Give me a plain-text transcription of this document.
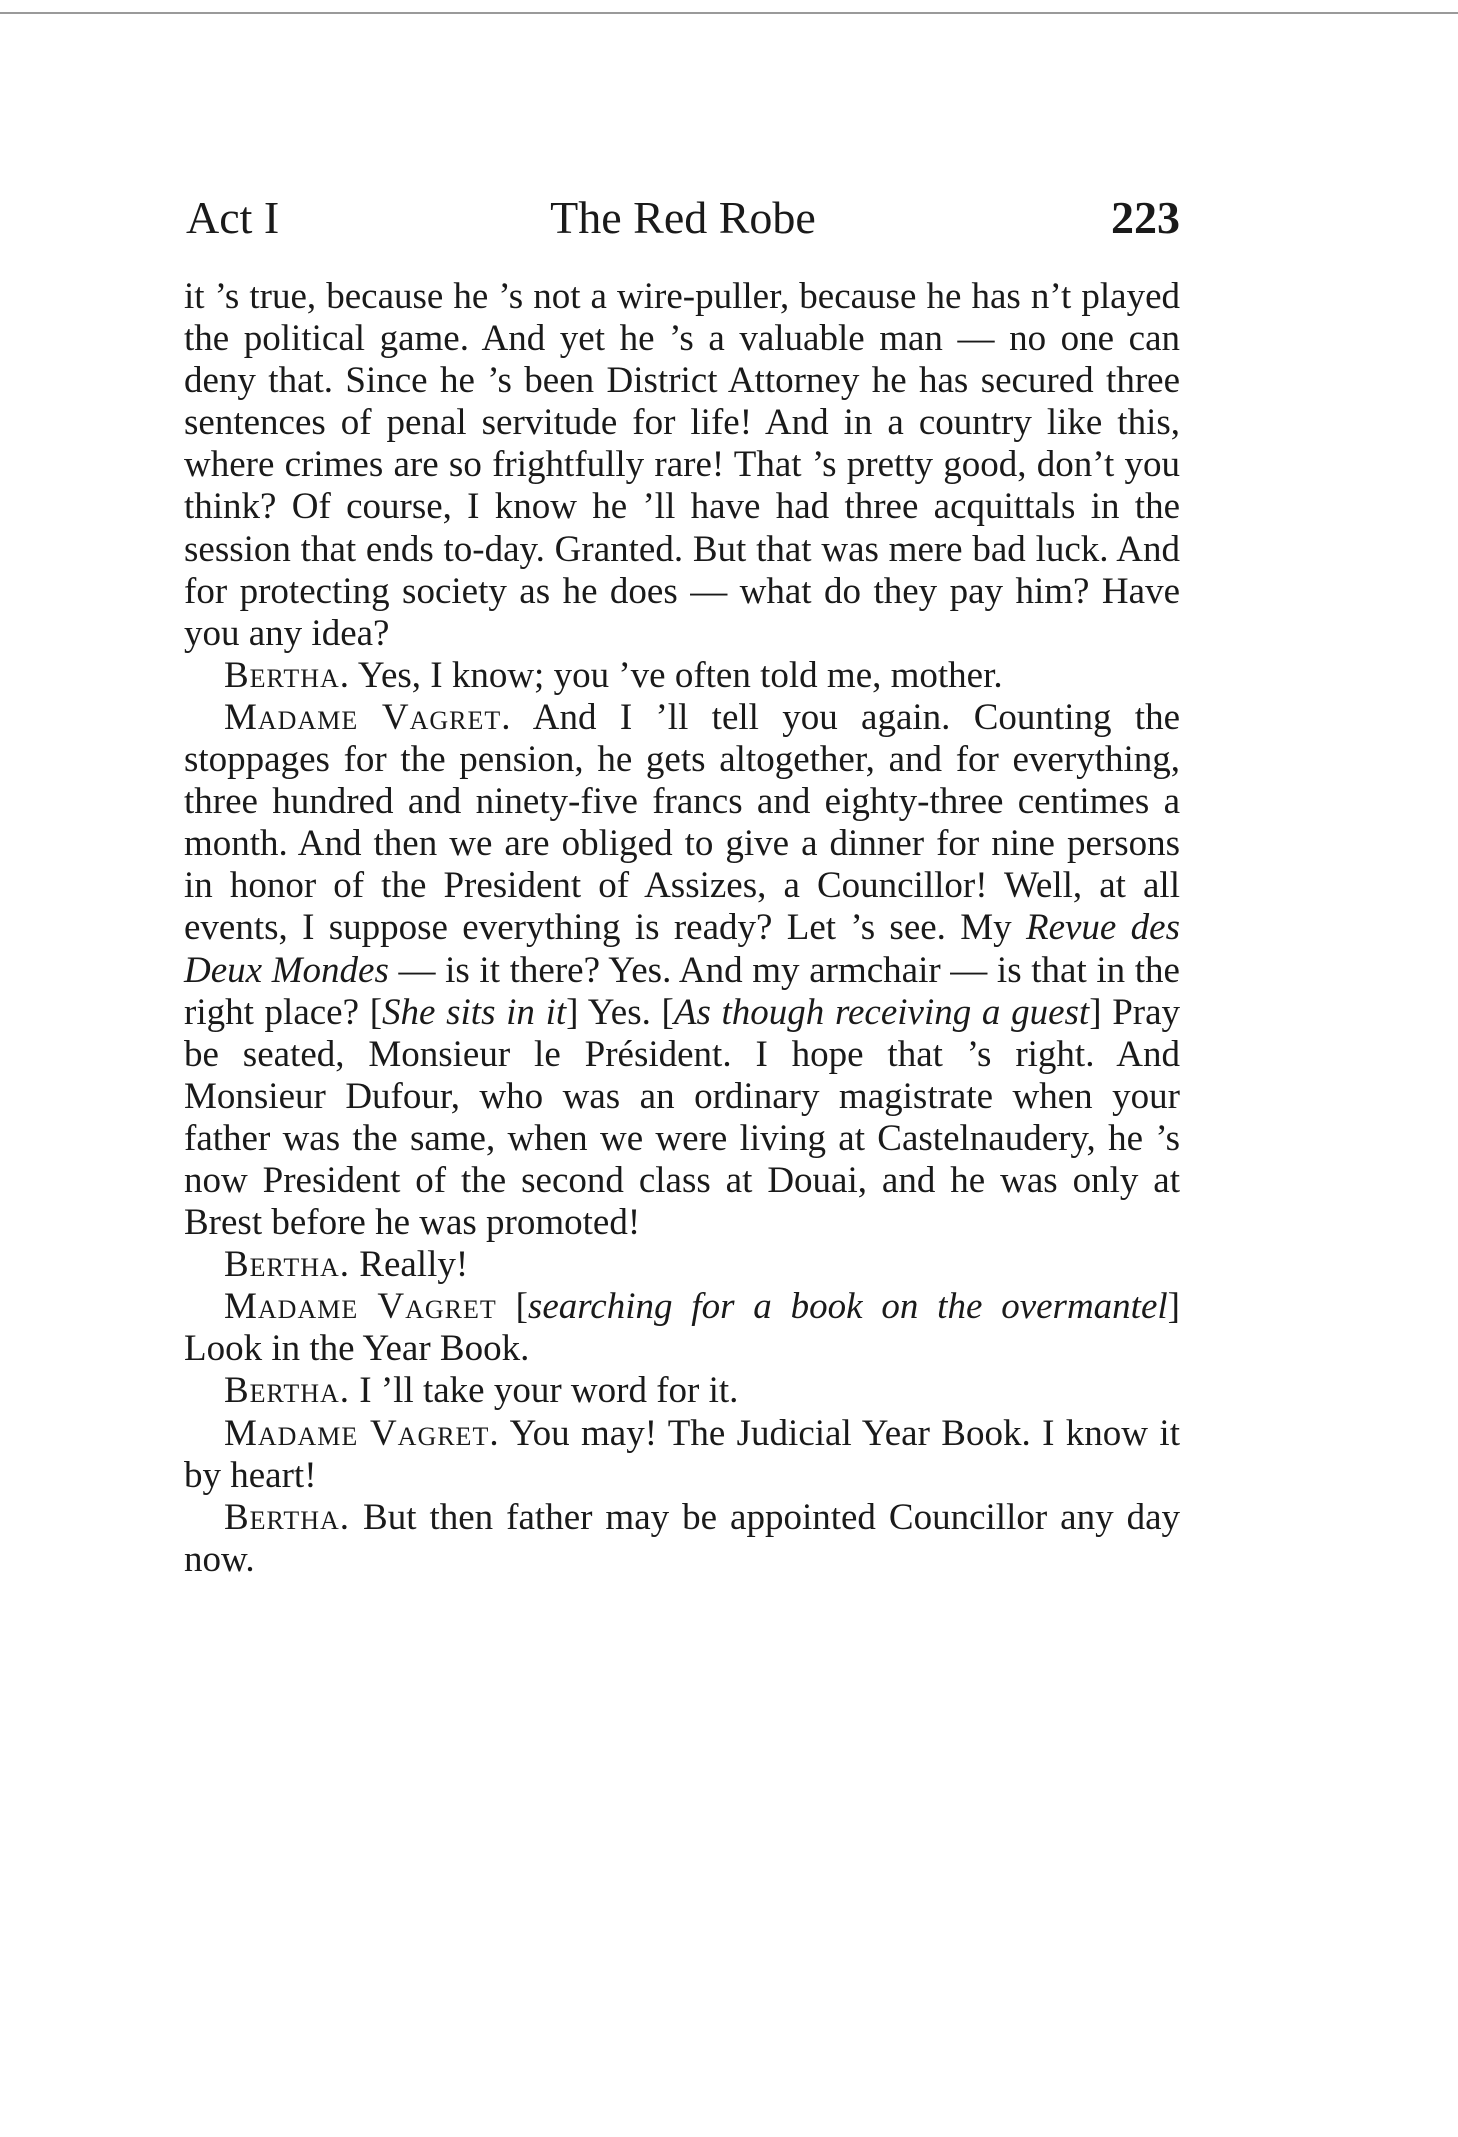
Act I	The Red Robe	223

it ’s true, because he ’s not a wire-puller, because he has n’t played the political game. And yet he ’s a valuable man — no one can deny that. Since he ’s been District Attorney he has secured three sentences of penal servitude for life! And in a country like this, where crimes are so frightfully rare! That ’s pretty good, don’t you think? Of course, I know he ’ll have had three acquittals in the session that ends to-day. Granted. But that was mere bad luck. And for protecting society as he does — what do they pay him? Have you any idea?

Bertha. Yes, I know; you ’ve often told me, mother.

Madame Vagret. And I ’ll tell you again. Counting the stoppages for the pension, he gets altogether, and for everything, three hundred and ninety-five francs and eighty-three centimes a month. And then we are obliged to give a dinner for nine persons in honor of the President of Assizes, a Councillor! Well, at all events, I suppose everything is ready? Let ’s see. My Revue des Deux Mondes — is it there? Yes. And my armchair — is that in the right place? [She sits in it] Yes. [As though receiving a guest] Pray be seated, Monsieur le Président. I hope that ’s right. And Monsieur Dufour, who was an ordinary magistrate when your father was the same, when we were living at Castelnaudery, he ’s now President of the second class at Douai, and he was only at Brest before he was promoted!

Bertha. Really!

Madame Vagret [searching for a book on the overmantel] Look in the Year Book.

Bertha. I ’ll take your word for it.

Madame Vagret. You may! The Judicial Year Book. I know it by heart!

Bertha. But then father may be appointed Councillor any day now.
